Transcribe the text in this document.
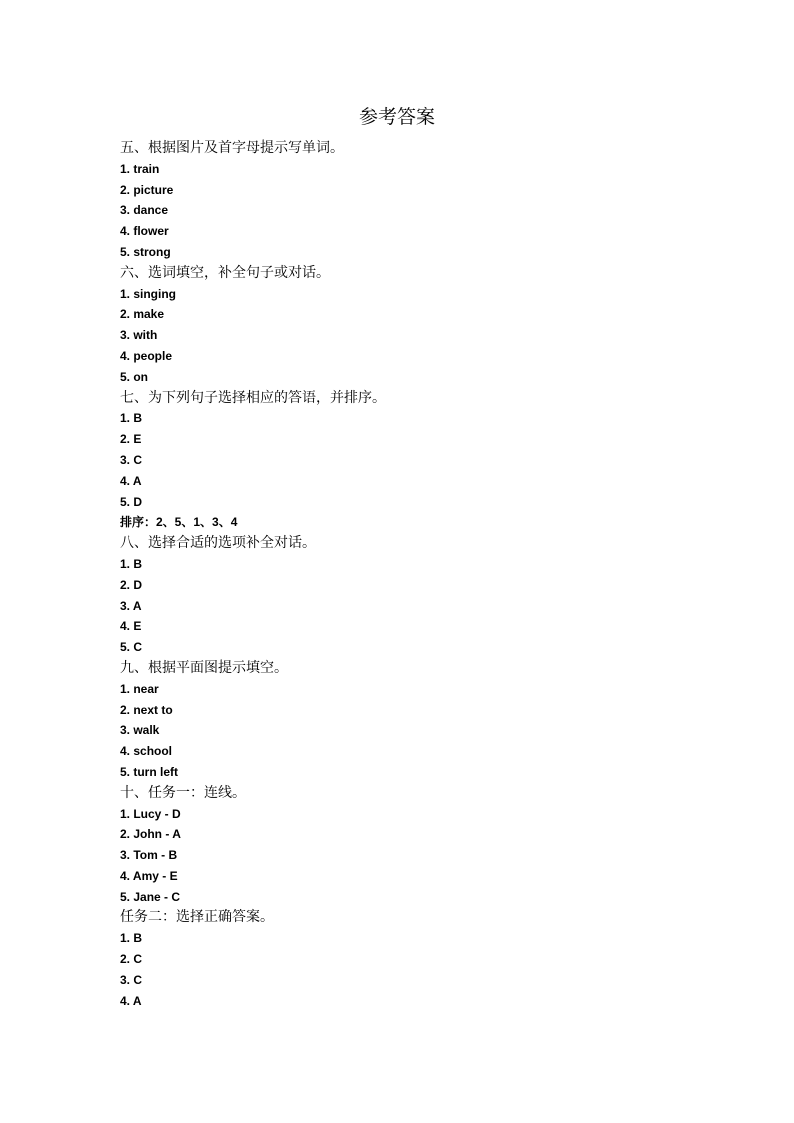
参考答案
五、根据图片及首字母提示写单词。
1. train
2. picture
3. dance
4. flower
5. strong
六、选词填空，补全句子或对话。
1. singing
2. make
3. with
4. people
5. on
七、为下列句子选择相应的答语，并排序。
1. B
2. E
3. C
4. A
5. D
排序：2、5、1、3、4
八、选择合适的选项补全对话。
1. B
2. D
3. A
4. E
5. C
九、根据平面图提示填空。
1. near
2. next to
3. walk
4. school
5. turn left
十、任务一：连线。
1. Lucy - D
2. John - A
3. Tom - B
4. Amy - E
5. Jane - C
任务二：选择正确答案。
1. B
2. C
3. C
4. A
